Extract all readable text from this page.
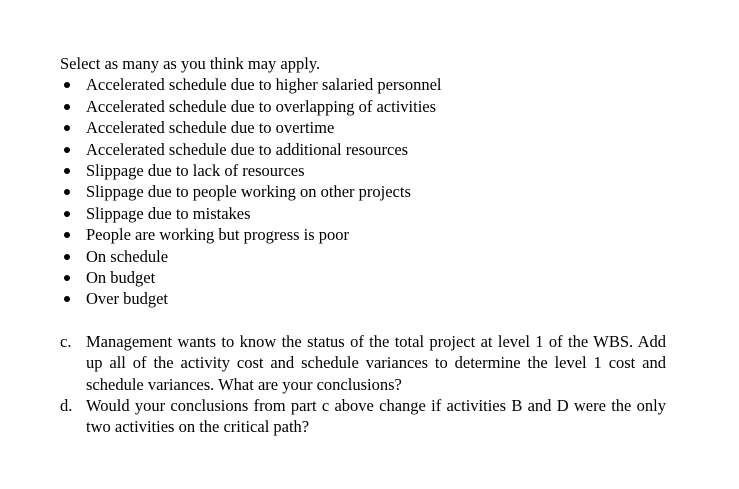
Select as many as you think may apply.

Accelerated schedule due to higher salaried personnel
Accelerated schedule due to overlapping of activities
Accelerated schedule due to overtime
Accelerated schedule due to additional resources
Slippage due to lack of resources
Slippage due to people working on other projects
Slippage due to mistakes
People are working but progress is poor
On schedule
On budget
Over budget
c. Management wants to know the status of the total project at level 1 of the WBS. Add up all of the activity cost and schedule variances to determine the level 1 cost and schedule variances. What are your conclusions?
d. Would your conclusions from part c above change if activities B and D were the only two activities on the critical path?
